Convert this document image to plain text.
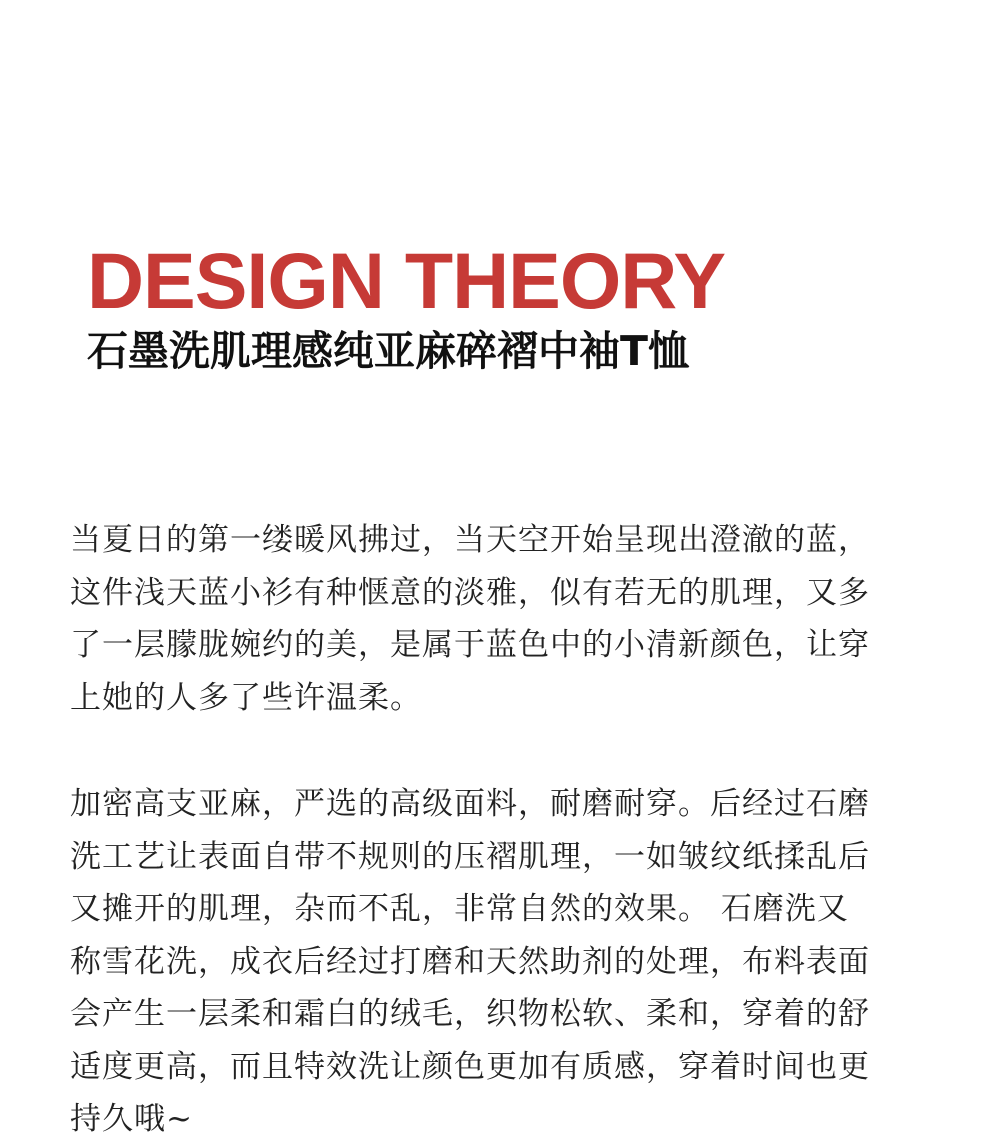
DESIGN THEORY
石墨洗肌理感纯亚麻碎褶中袖T恤

当夏日的第一缕暖风拂过，当天空开始呈现出澄澈的蓝，
这件浅天蓝小衫有种惬意的淡雅，似有若无的肌理，又多
了一层朦胧婉约的美，是属于蓝色中的小清新颜色，让穿
上她的人多了些许温柔。

加密高支亚麻，严选的高级面料，耐磨耐穿。后经过石磨
洗工艺让表面自带不规则的压褶肌理，一如皱纹纸揉乱后
又摊开的肌理，杂而不乱，非常自然的效果。 石磨洗又
称雪花洗，成衣后经过打磨和天然助剂的处理，布料表面
会产生一层柔和霜白的绒毛，织物松软、柔和，穿着的舒
适度更高，而且特效洗让颜色更加有质感，穿着时间也更
持久哦~
